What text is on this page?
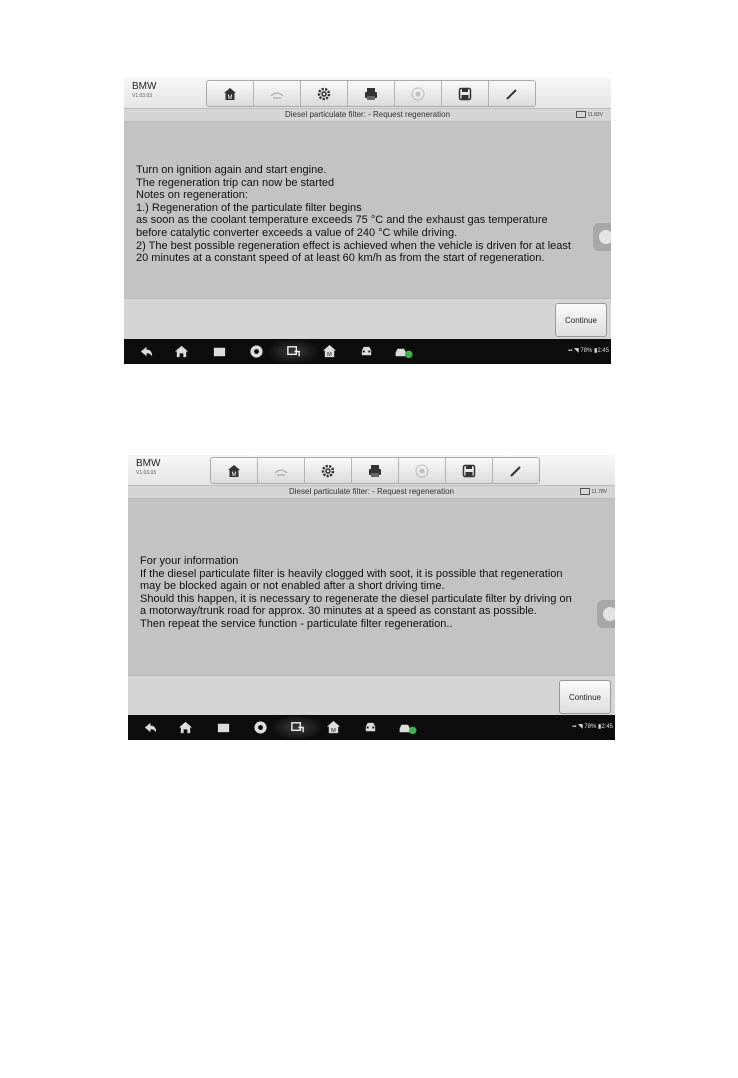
BMW
V1.03.03	M
Diesel particulate filter: - Request regeneration	11.83V
Turn on ignition again and start engine.
The regeneration trip can now be started
Notes on regeneration:
1.) Regeneration of the particulate filter begins
as soon as the coolant temperature exceeds 75 °C and the exhaust gas temperature
before catalytic converter exceeds a value of 240 °C while driving.
2) The best possible regeneration effect is achieved when the vehicle is driven for at least
20 minutes at a constant speed of at least 60 km/h as from the start of regeneration.
Continue
M
▪▪ ◥ 78% ▮2:45
BMW
V1.03.03	M
Diesel particulate filter: - Request regeneration	11.78V
For your information
If the diesel particulate filter is heavily clogged with soot, it is possible that regeneration
may be blocked again or not enabled after a short driving time.
Should this happen, it is necessary to regenerate the diesel particulate filter by driving on
a motorway/trunk road for approx. 30 minutes at a speed as constant as possible.
Then repeat the service function - particulate filter regeneration..
Continue
M
▪▪ ◥ 78% ▮2:45
